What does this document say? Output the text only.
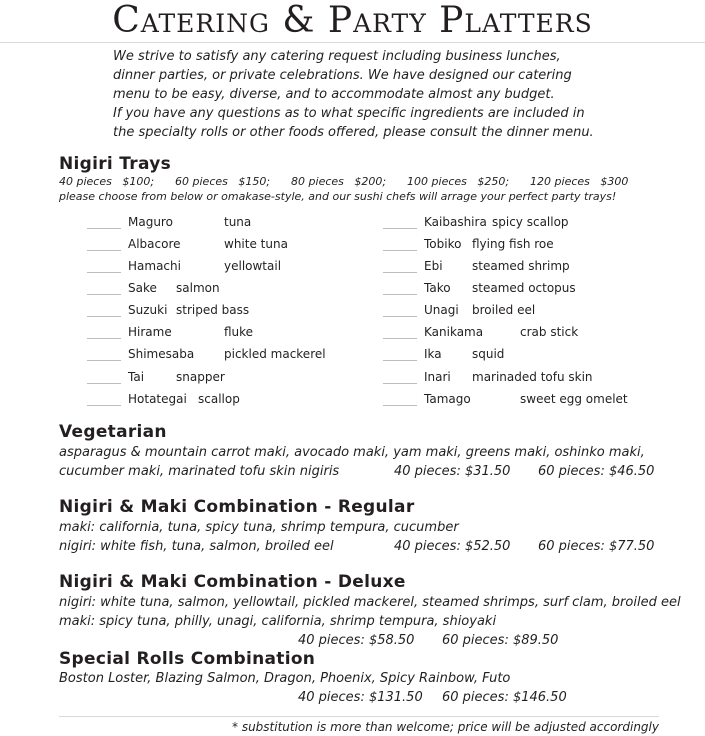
Catering & Party Platters
We strive to satisfy any catering request including business lunches,
dinner parties, or private celebrations. We have designed our catering
menu to be easy, diverse, and to accommodate almost any budget.
If you have any questions as to what specific ingredients are included in
the specialty rolls or other foods offered, please consult the dinner menu.
Nigiri Trays
40 pieces   $100;      60 pieces   $150;      80 pieces   $200;      100 pieces   $250;      120 pieces   $300
please choose from below or omakase-style, and our sushi chefs will arrage your perfect party trays!
Maguro	tuna
Albacore	white tuna
Hamachi	yellowtail
Sake salmon
Suzuki striped bass
Hirame	fluke
Shimesaba pickled mackerel
Tai	snapper
Hotategai scallop
Kaibashira spicy scallop
Tobiko flying fish roe
Ebi steamed shrimp
Tako steamed octopus
Unagi broiled eel
Kanikama	crab stick
Ika	squid
Inari marinaded tofu skin
Tamago	sweet egg omelet
Vegetarian
asparagus & mountain carrot maki, avocado maki, yam maki, greens maki, oshinko maki,
cucumber maki, marinated tofu skin nigiris	40 pieces: $31.50 60 pieces: $46.50
Nigiri & Maki Combination - Regular
maki: california, tuna, spicy tuna, shrimp tempura, cucumber
nigiri: white fish, tuna, salmon, broiled eel	40 pieces: $52.50 60 pieces: $77.50
Nigiri & Maki Combination - Deluxe
nigiri: white tuna, salmon, yellowtail, pickled mackerel, steamed shrimps, surf clam, broiled eel
maki: spicy tuna, philly, unagi, california, shrimp tempura, shioyaki
40 pieces: $58.50 60 pieces: $89.50
Special Rolls Combination
Boston Loster, Blazing Salmon, Dragon, Phoenix, Spicy Rainbow, Futo
40 pieces: $131.50 60 pieces: $146.50
* substitution is more than welcome; price will be adjusted accordingly
